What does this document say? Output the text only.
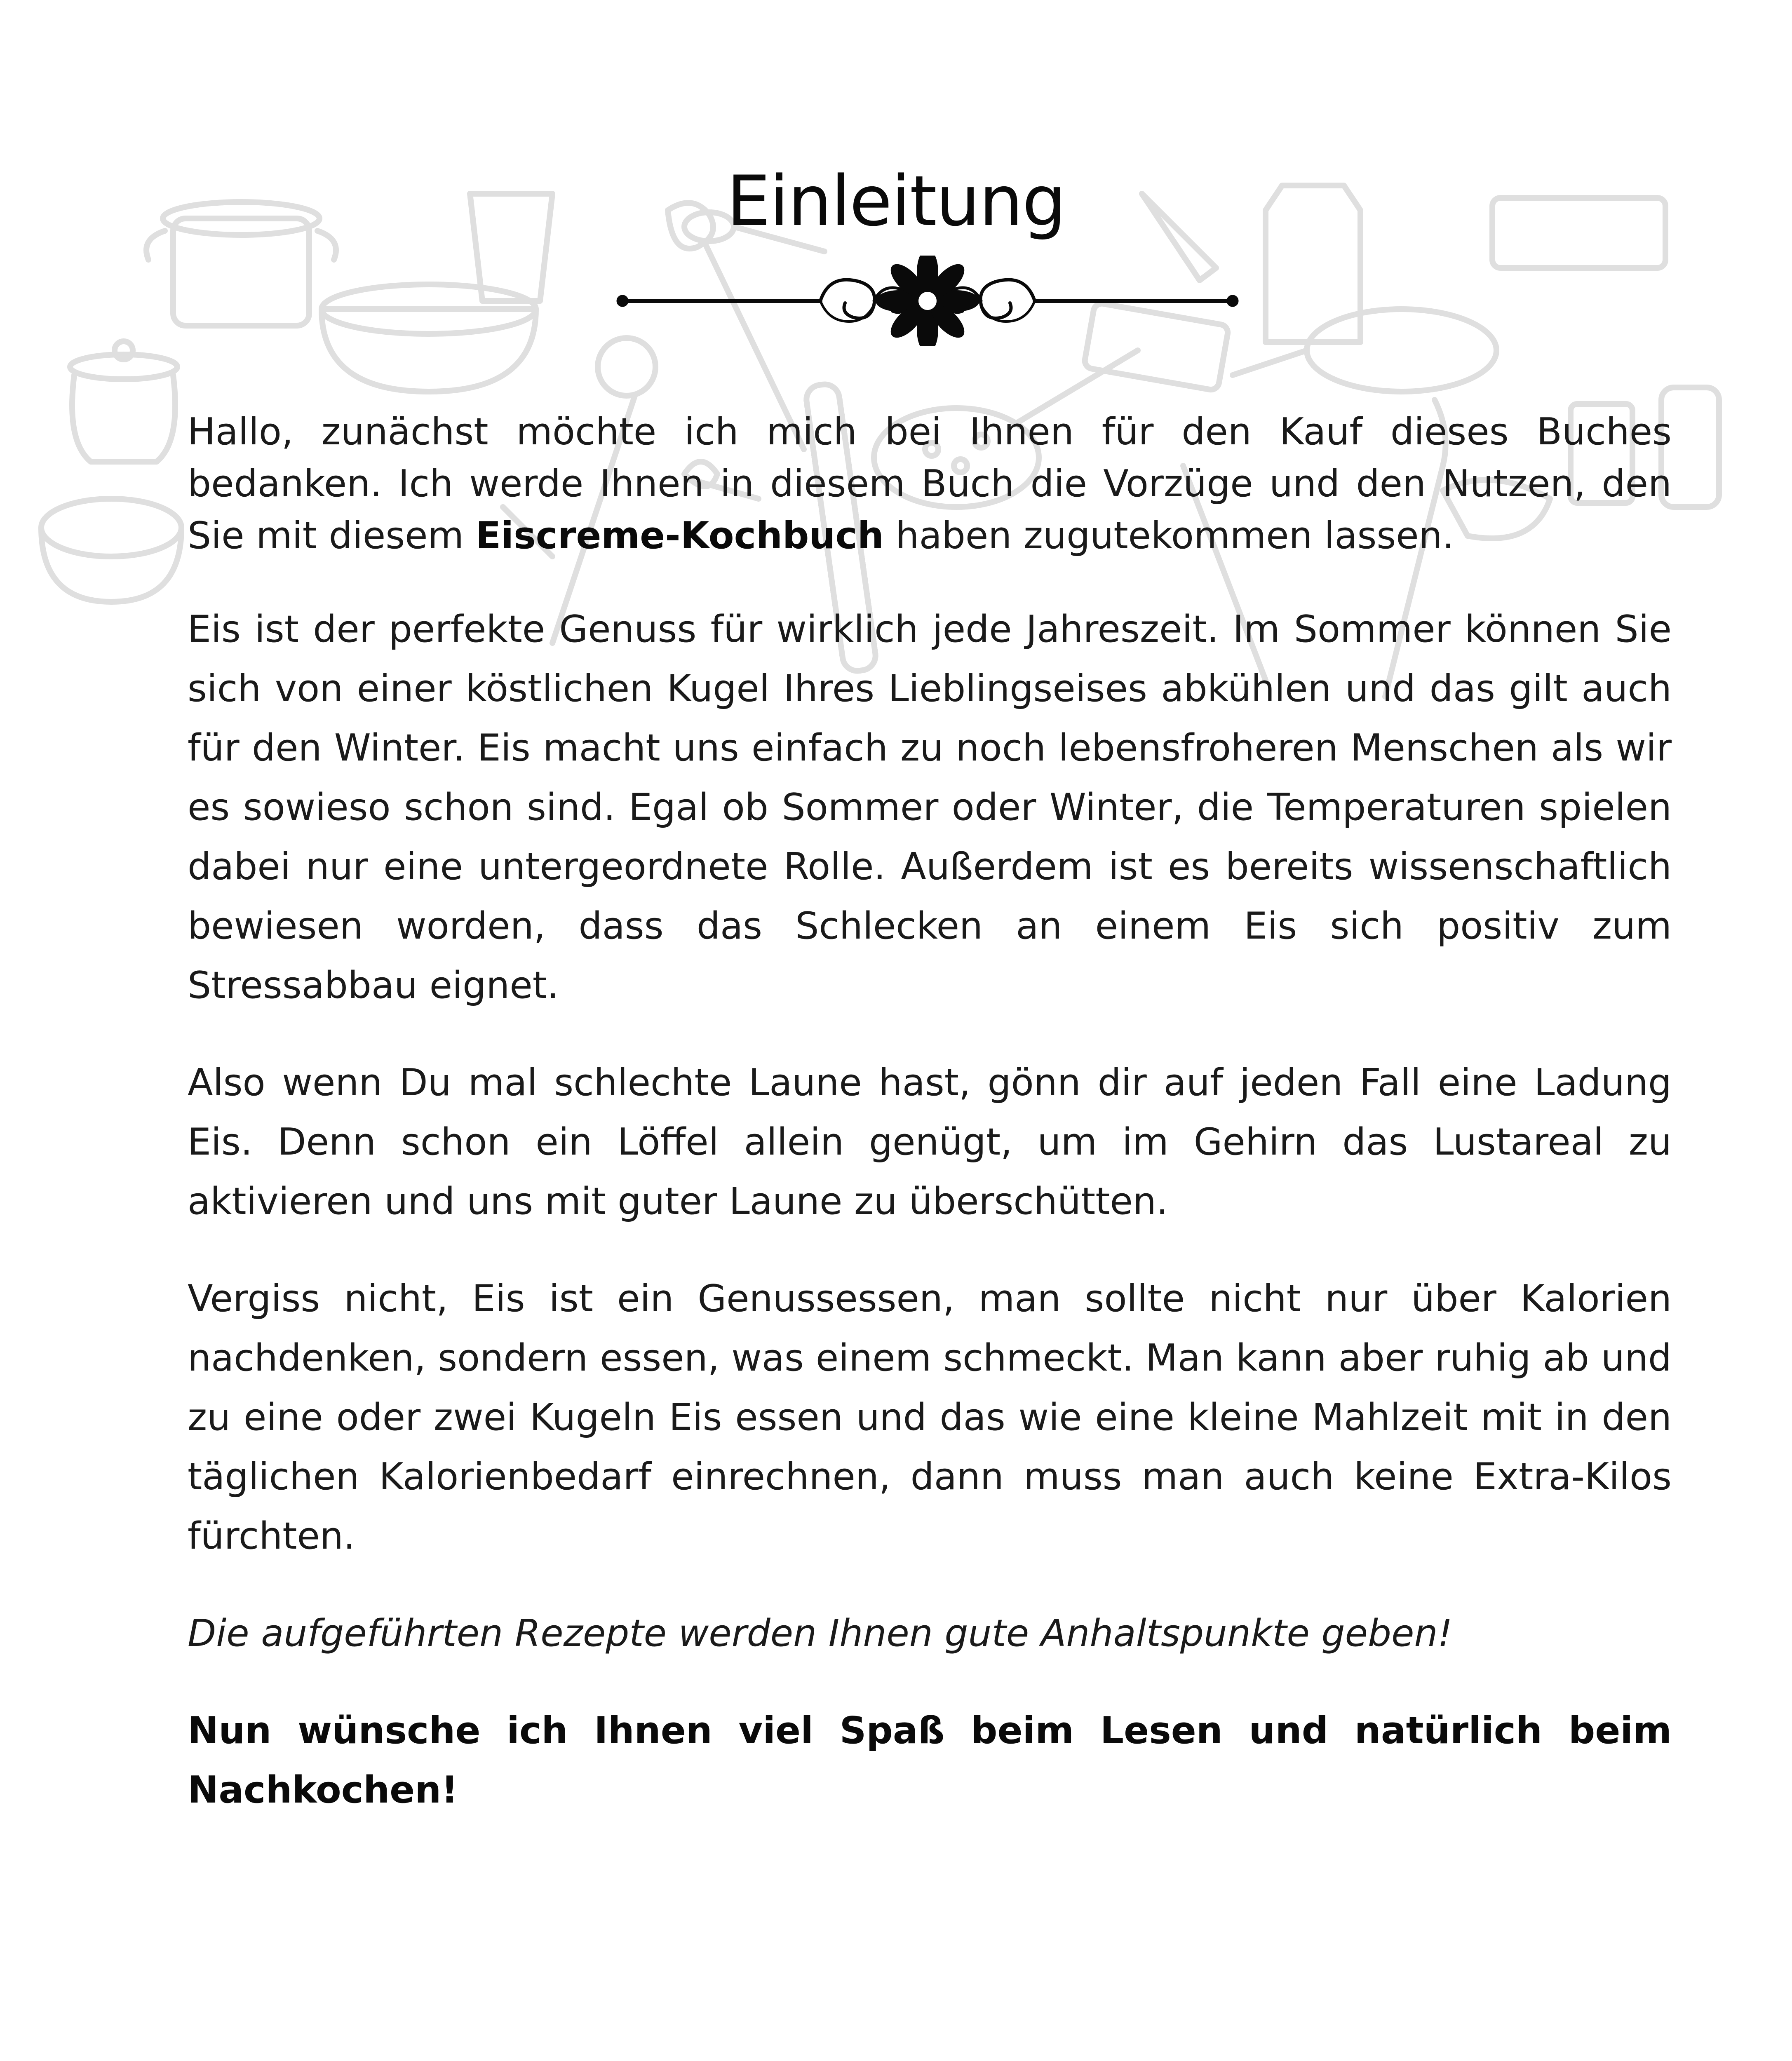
Einleitung

Hallo, zunächst möchte ich mich bei Ihnen für den Kauf dieses Buches bedanken. Ich werde Ihnen in diesem Buch die Vorzüge und den Nutzen, den Sie mit diesem Eiscreme-Kochbuch haben zugutekommen lassen.

Eis ist der perfekte Genuss für wirklich jede Jahreszeit. Im Sommer können Sie sich von einer köstlichen Kugel Ihres Lieblingseises abkühlen und das gilt auch für den Winter. Eis macht uns einfach zu noch lebensfroheren Menschen als wir es sowieso schon sind. Egal ob Sommer oder Winter, die Temperaturen spielen dabei nur eine untergeordnete Rolle. Außerdem ist es bereits wissenschaftlich bewiesen worden, dass das Schlecken an einem Eis sich positiv zum Stressabbau eignet.

Also wenn Du mal schlechte Laune hast, gönn dir auf jeden Fall eine Ladung Eis. Denn schon ein Löffel allein genügt, um im Gehirn das Lustareal zu aktivieren und uns mit guter Laune zu überschütten.

Vergiss nicht, Eis ist ein Genussessen, man sollte nicht nur über Kalorien nachdenken, sondern essen, was einem schmeckt. Man kann aber ruhig ab und zu eine oder zwei Kugeln Eis essen und das wie eine kleine Mahlzeit mit in den täglichen Kalorienbedarf einrechnen, dann muss man auch keine Extra-Kilos fürchten.

Die aufgeführten Rezepte werden Ihnen gute Anhaltspunkte geben!

Nun wünsche ich Ihnen viel Spaß beim Lesen und natürlich beim Nachkochen!
